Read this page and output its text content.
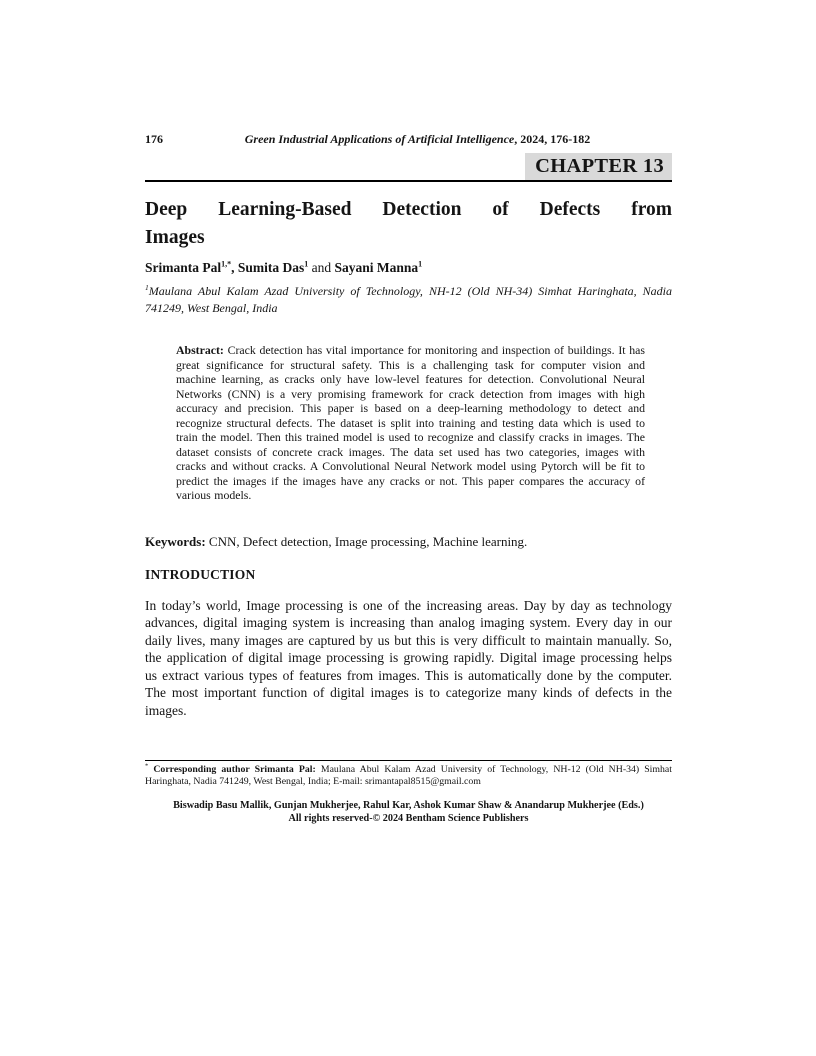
176	Green Industrial Applications of Artificial Intelligence, 2024, 176-182
CHAPTER 13
Deep Learning-Based Detection of Defects from
Images
Srimanta Pal$^{1,*}$, Sumita Das$^1$ and Sayani Manna$^1$
$^1$Maulana Abul Kalam Azad University of Technology, NH-12 (Old NH-34) Simhat Haringhata, Nadia 741249, West Bengal, India

Abstract: Crack detection has vital importance for monitoring and inspection of buildings. It has great significance for structural safety. This is a challenging task for computer vision and machine learning, as cracks only have low-level features for detection. Convolutional Neural Networks (CNN) is a very promising framework for crack detection from images with high accuracy and precision. This paper is based on a deep-learning methodology to detect and recognize structural defects. The dataset is split into training and testing data which is used to train the model. Then this trained model is used to recognize and classify cracks in images. The dataset consists of concrete crack images. The data set used has two categories, images with cracks and without cracks. A Convolutional Neural Network model using Pytorch will be fit to predict the images if the images have any cracks or not. This paper compares the accuracy of various models.

Keywords: CNN, Defect detection, Image processing, Machine learning.

INTRODUCTION

In today’s world, Image processing is one of the increasing areas. Day by day as technology advances, digital imaging system is increasing than analog imaging system. Every day in our daily lives, many images are captured by us but this is very difficult to maintain manually. So, the application of digital image processing is growing rapidly. Digital image processing helps us extract various types of features from images. This is automatically done by the computer. The most important function of digital images is to categorize many kinds of defects in the images.

* Corresponding author Srimanta Pal: Maulana Abul Kalam Azad University of Technology, NH-12 (Old NH-34) Simhat Haringhata, Nadia 741249, West Bengal, India; E-mail: srimantapal8515@gmail.com

Biswadip Basu Mallik, Gunjan Mukherjee, Rahul Kar, Ashok Kumar Shaw & Anandarup Mukherjee (Eds.)
All rights reserved-© 2024 Bentham Science Publishers
